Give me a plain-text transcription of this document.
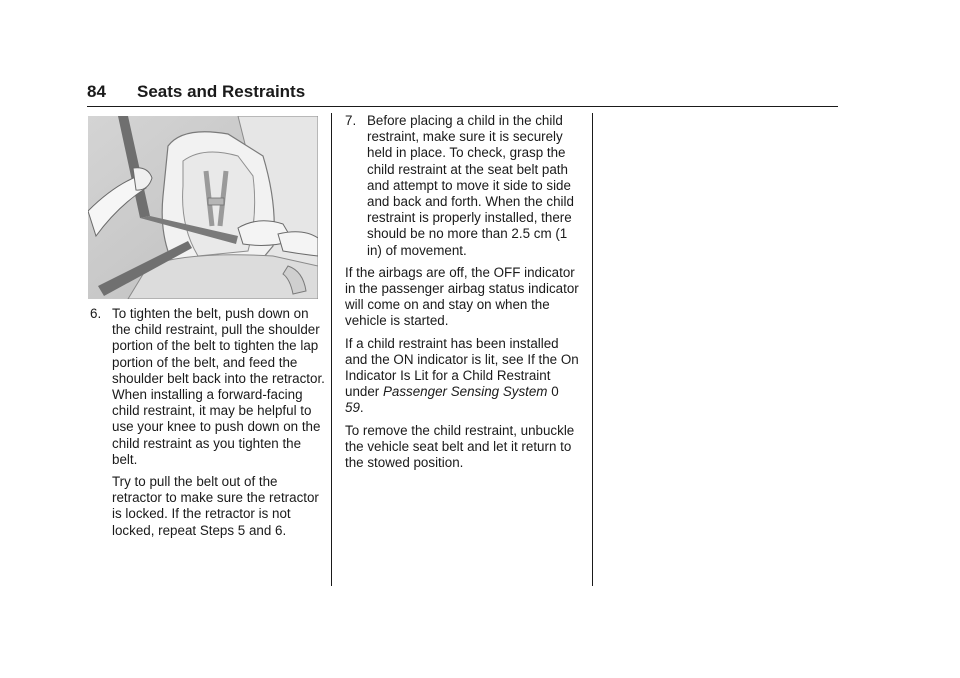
84 Seats and Restraints
6. To tighten the belt, push down on the child restraint, pull the shoulder portion of the belt to tighten the lap portion of the belt, and feed the shoulder belt back into the retractor. When installing a forward-facing child restraint, it may be helpful to use your knee to push down on the child restraint as you tighten the belt.
Try to pull the belt out of the retractor to make sure the retractor is locked. If the retractor is not locked, repeat Steps 5 and 6.
7. Before placing a child in the child restraint, make sure it is securely held in place. To check, grasp the child restraint at the seat belt path and attempt to move it side to side and back and forth. When the child restraint is properly installed, there should be no more than 2.5 cm (1 in) of movement.
If the airbags are off, the OFF indicator in the passenger airbag status indicator will come on and stay on when the vehicle is started.
If a child restraint has been installed and the ON indicator is lit, see If the On Indicator Is Lit for a Child Restraint under Passenger Sensing System 0 59.
To remove the child restraint, unbuckle the vehicle seat belt and let it return to the stowed position.
